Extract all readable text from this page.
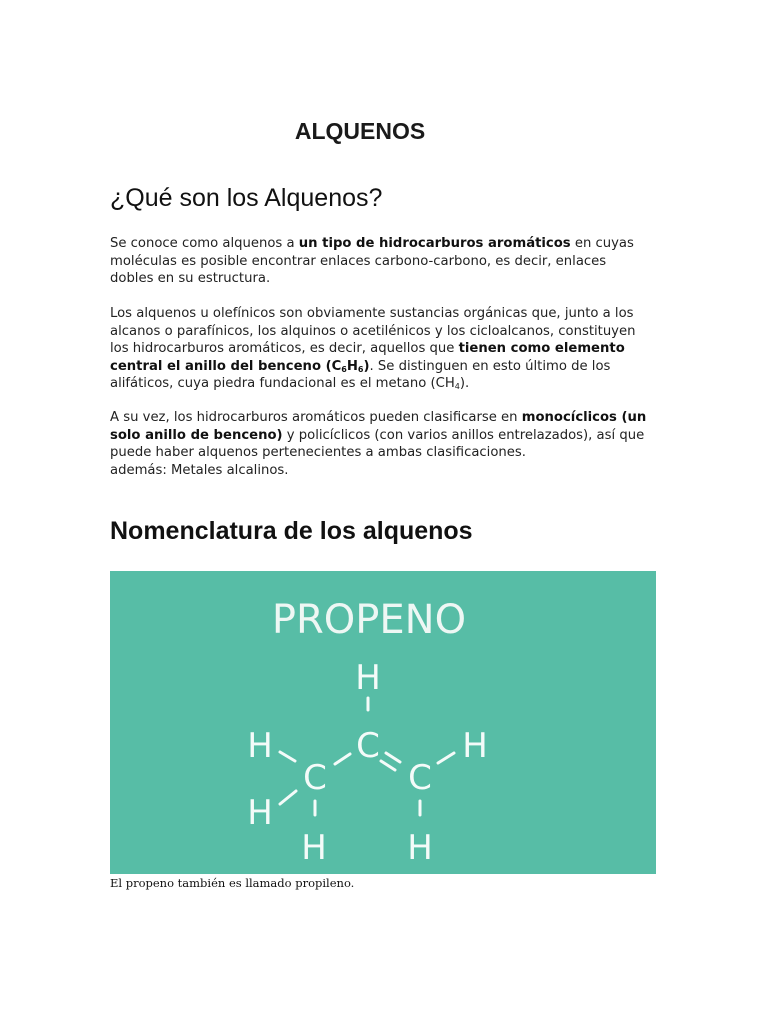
ALQUENOS
¿Qué son los Alquenos?

Se conoce como alquenos a un tipo de hidrocarburos aromáticos en cuyas moléculas es posible encontrar enlaces carbono-carbono, es decir, enlaces dobles en su estructura.

Los alquenos u olefínicos son obviamente sustancias orgánicas que, junto a los alcanos o parafínicos, los alquinos o acetilénicos y los cicloalcanos, constituyen los hidrocarburos aromáticos, es decir, aquellos que tienen como elemento central el anillo del benceno $(C_6H_6)$. Se distinguen en esto último de los alifáticos, cuya piedra fundacional es el metano $(CH_4)$.

A su vez, los hidrocarburos aromáticos pueden clasificarse en monocíclicos (un solo anillo de benceno) y policíclicos (con varios anillos entrelazados), así que puede haber alquenos pertenecientes a ambas clasificaciones.
además: Metales alcalinos.

Nomenclatura de los alquenos
PROPENO
H
C
C C
H
H
H
H H

El propeno también es llamado propileno.
